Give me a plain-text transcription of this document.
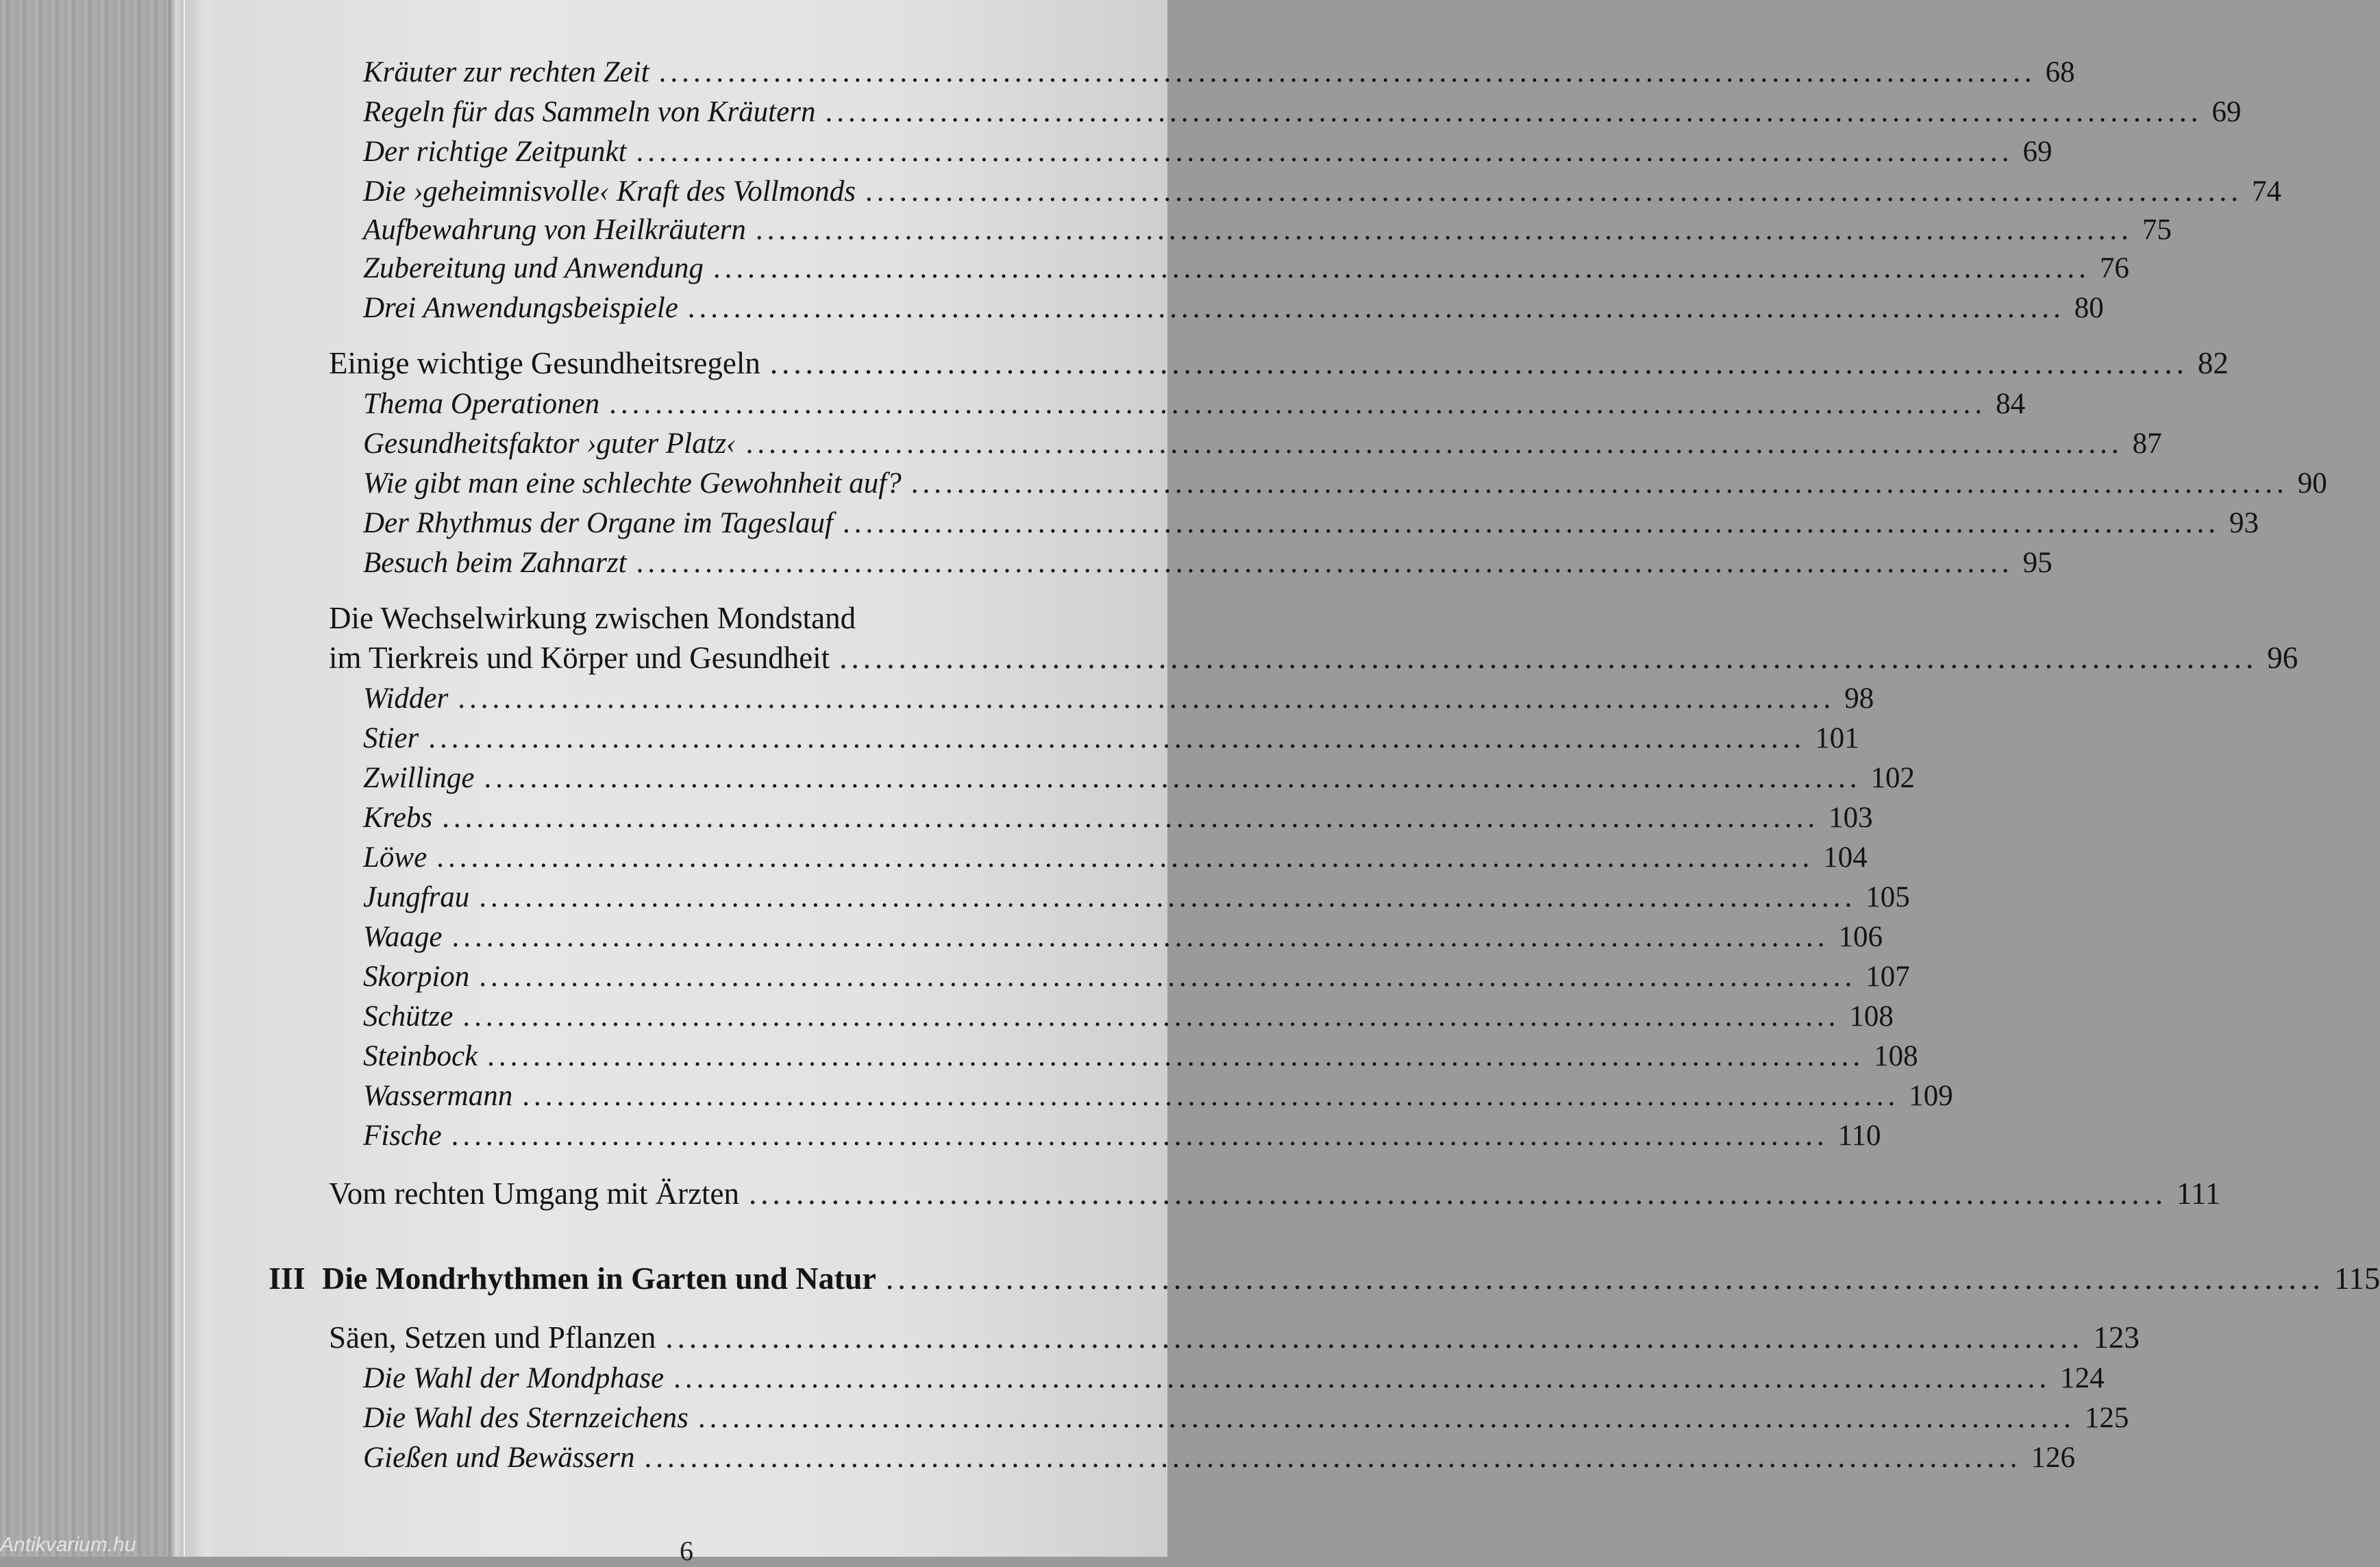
Kräuter zur rechten Zeit ........................................................................................................................ 68
Regeln für das Sammeln von Kräutern ........................................................................................................................ 69
Der richtige Zeitpunkt ........................................................................................................................ 69
Die ›geheimnisvolle‹ Kraft des Vollmonds ........................................................................................................................ 74
Aufbewahrung von Heilkräutern ........................................................................................................................ 75
Zubereitung und Anwendung ........................................................................................................................ 76
Drei Anwendungsbeispiele ........................................................................................................................ 80
Einige wichtige Gesundheitsregeln ........................................................................................................................ 82
Thema Operationen ........................................................................................................................ 84
Gesundheitsfaktor ›guter Platz‹ ........................................................................................................................ 87
Wie gibt man eine schlechte Gewohnheit auf? ........................................................................................................................ 90
Der Rhythmus der Organe im Tageslauf ........................................................................................................................ 93
Besuch beim Zahnarzt ........................................................................................................................ 95
Die Wechselwirkung zwischen Mondstand
im Tierkreis und Körper und Gesundheit ........................................................................................................................ 96
Widder ........................................................................................................................ 98
Stier ........................................................................................................................ 101
Zwillinge ........................................................................................................................ 102
Krebs ........................................................................................................................ 103
Löwe ........................................................................................................................ 104
Jungfrau ........................................................................................................................ 105
Waage ........................................................................................................................ 106
Skorpion ........................................................................................................................ 107
Schütze ........................................................................................................................ 108
Steinbock ........................................................................................................................ 108
Wassermann ........................................................................................................................ 109
Fische ........................................................................................................................ 110
Vom rechten Umgang mit Ärzten ........................................................................................................................ 111
III Die Mondrhythmen in Garten und Natur ........................................................................................................................ 115
Säen, Setzen und Pflanzen ........................................................................................................................ 123
Die Wahl der Mondphase ........................................................................................................................ 124
Die Wahl des Sternzeichens ........................................................................................................................ 125
Gießen und Bewässern ........................................................................................................................ 126
6
Antikvarium.hu
